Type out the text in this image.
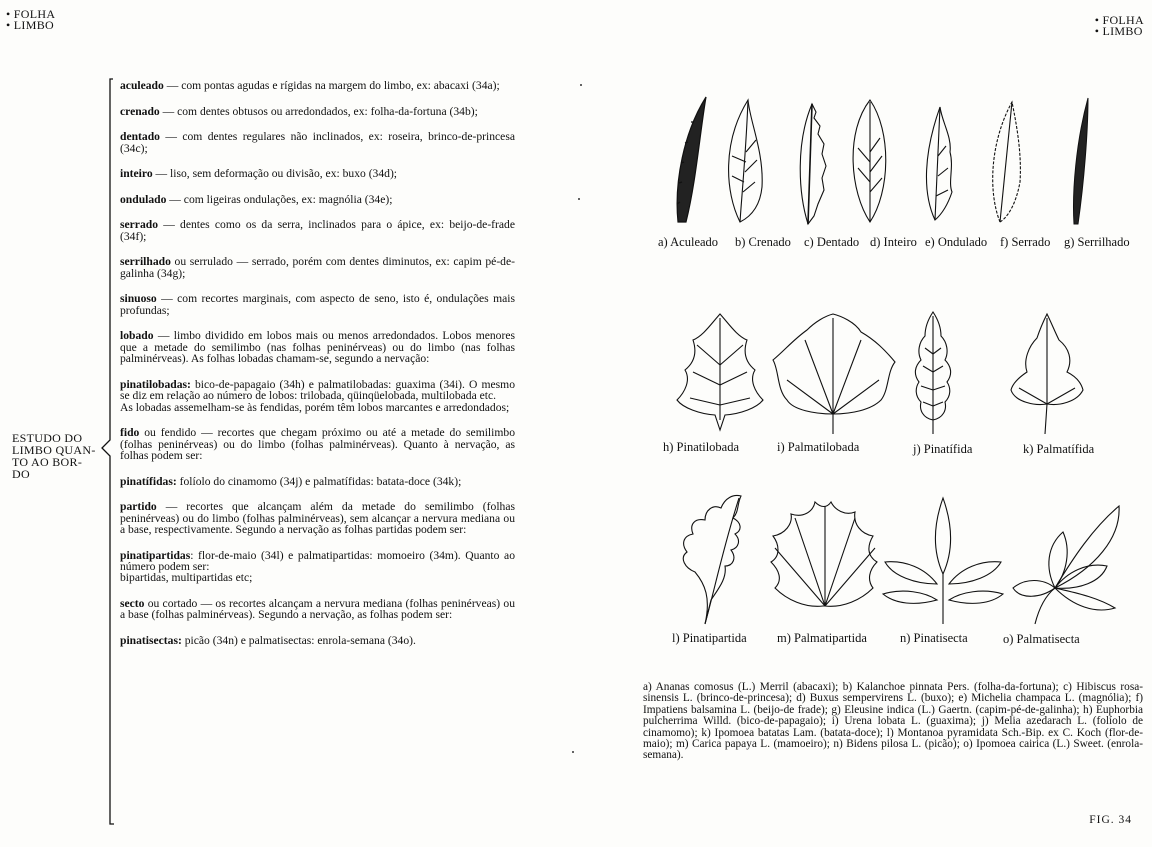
• FOLHA
• LIMBO
ESTUDO DO
LIMBO QUAN-
TO AO BOR-
DO
aculeado — com pontas agudas e rígidas na margem do limbo, ex: abacaxi (34a);
crenado — com dentes obtusos ou arredondados, ex: folha-da-fortuna (34b);
dentado — com dentes regulares não inclinados, ex: roseira, brinco-de-princesa (34c);
inteiro — liso, sem deformação ou divisão, ex: buxo (34d);
ondulado — com ligeiras ondulações, ex: magnólia (34e);
serrado — dentes como os da serra, inclinados para o ápice, ex: beijo-de-frade (34f);
serrilhado ou serrulado — serrado, porém com dentes diminutos, ex: capim pé-de-galinha (34g);
sinuoso — com recortes marginais, com aspecto de seno, isto é, ondulações mais profundas;
lobado — limbo dividido em lobos mais ou menos arredondados. Lobos menores que a metade do semilimbo (nas folhas peninérveas) ou do limbo (nas folhas palminérveas). As folhas lobadas chamam-se, segundo a nervação:
pinatilobadas: bico-de-papagaio (34h) e palmatilobadas: guaxima (34i). O mesmo se diz em relação ao número de lobos: trilobada, qüinqüelobada, multilobada etc.
As lobadas assemelham-se às fendidas, porém têm lobos marcantes e arredondados;
fido ou fendido — recortes que chegam próximo ou até a metade do semilimbo (folhas peninérveas) ou do limbo (folhas palminérveas). Quanto à nervação, as folhas podem ser:
pinatífidas: folíolo do cinamomo (34j) e palmatífidas: batata-doce (34k);
partido — recortes que alcançam além da metade do semilimbo (folhas peninérveas) ou do limbo (folhas palminérveas), sem alcançar a nervura mediana ou a base, respectivamente. Segundo a nervação as folhas partidas podem ser:
pinatipartidas: flor-de-maio (34l) e palmatipartidas: momoeiro (34m). Quanto ao número podem ser:
bipartidas, multipartidas etc;
secto ou cortado — os recortes alcançam a nervura mediana (folhas peninérveas) ou a base (folhas palminérveas). Segundo a nervação, as folhas podem ser:
pinatisectas: picão (34n) e palmatisectas: enrola-semana (34o).
• FOLHA
• LIMBO
a) Aculeado b) Crenado c) Dentado d) Inteiro e) Ondulado f) Serrado g) Serrilhado
h) Pinatilobada	i) Palmatilobada	j) Pinatífida	k) Palmatífida
l) Pinatipartida m) Palmatipartida	n) Pinatisecta	o) Palmatisecta
a) Ananas comosus (L.) Merril (abacaxi); b) Kalanchoe pinnata Pers. (folha-da-fortuna); c) Hibiscus rosa-sinensis L. (brinco-de-princesa); d) Buxus sempervirens L. (buxo); e) Michelia champaca L. (magnólia); f) Impatiens balsamina L. (beijo-de frade); g) Eleusine indica (L.) Gaertn. (capim-pé-de-galinha); h) Euphorbia pulcherrima Willd. (bico-de-papagaio); i) Urena lobata L. (guaxima); j) Melia azedarach L. (folíolo de cinamomo); k) Ipomoea batatas Lam. (batata-doce); l) Montanoa pyramidata Sch.-Bip. ex C. Koch (flor-de-maio); m) Carica papaya L. (mamoeiro); n) Bidens pilosa L. (picão); o) Ipomoea cairica (L.) Sweet. (enrola-semana).
FIG. 34
